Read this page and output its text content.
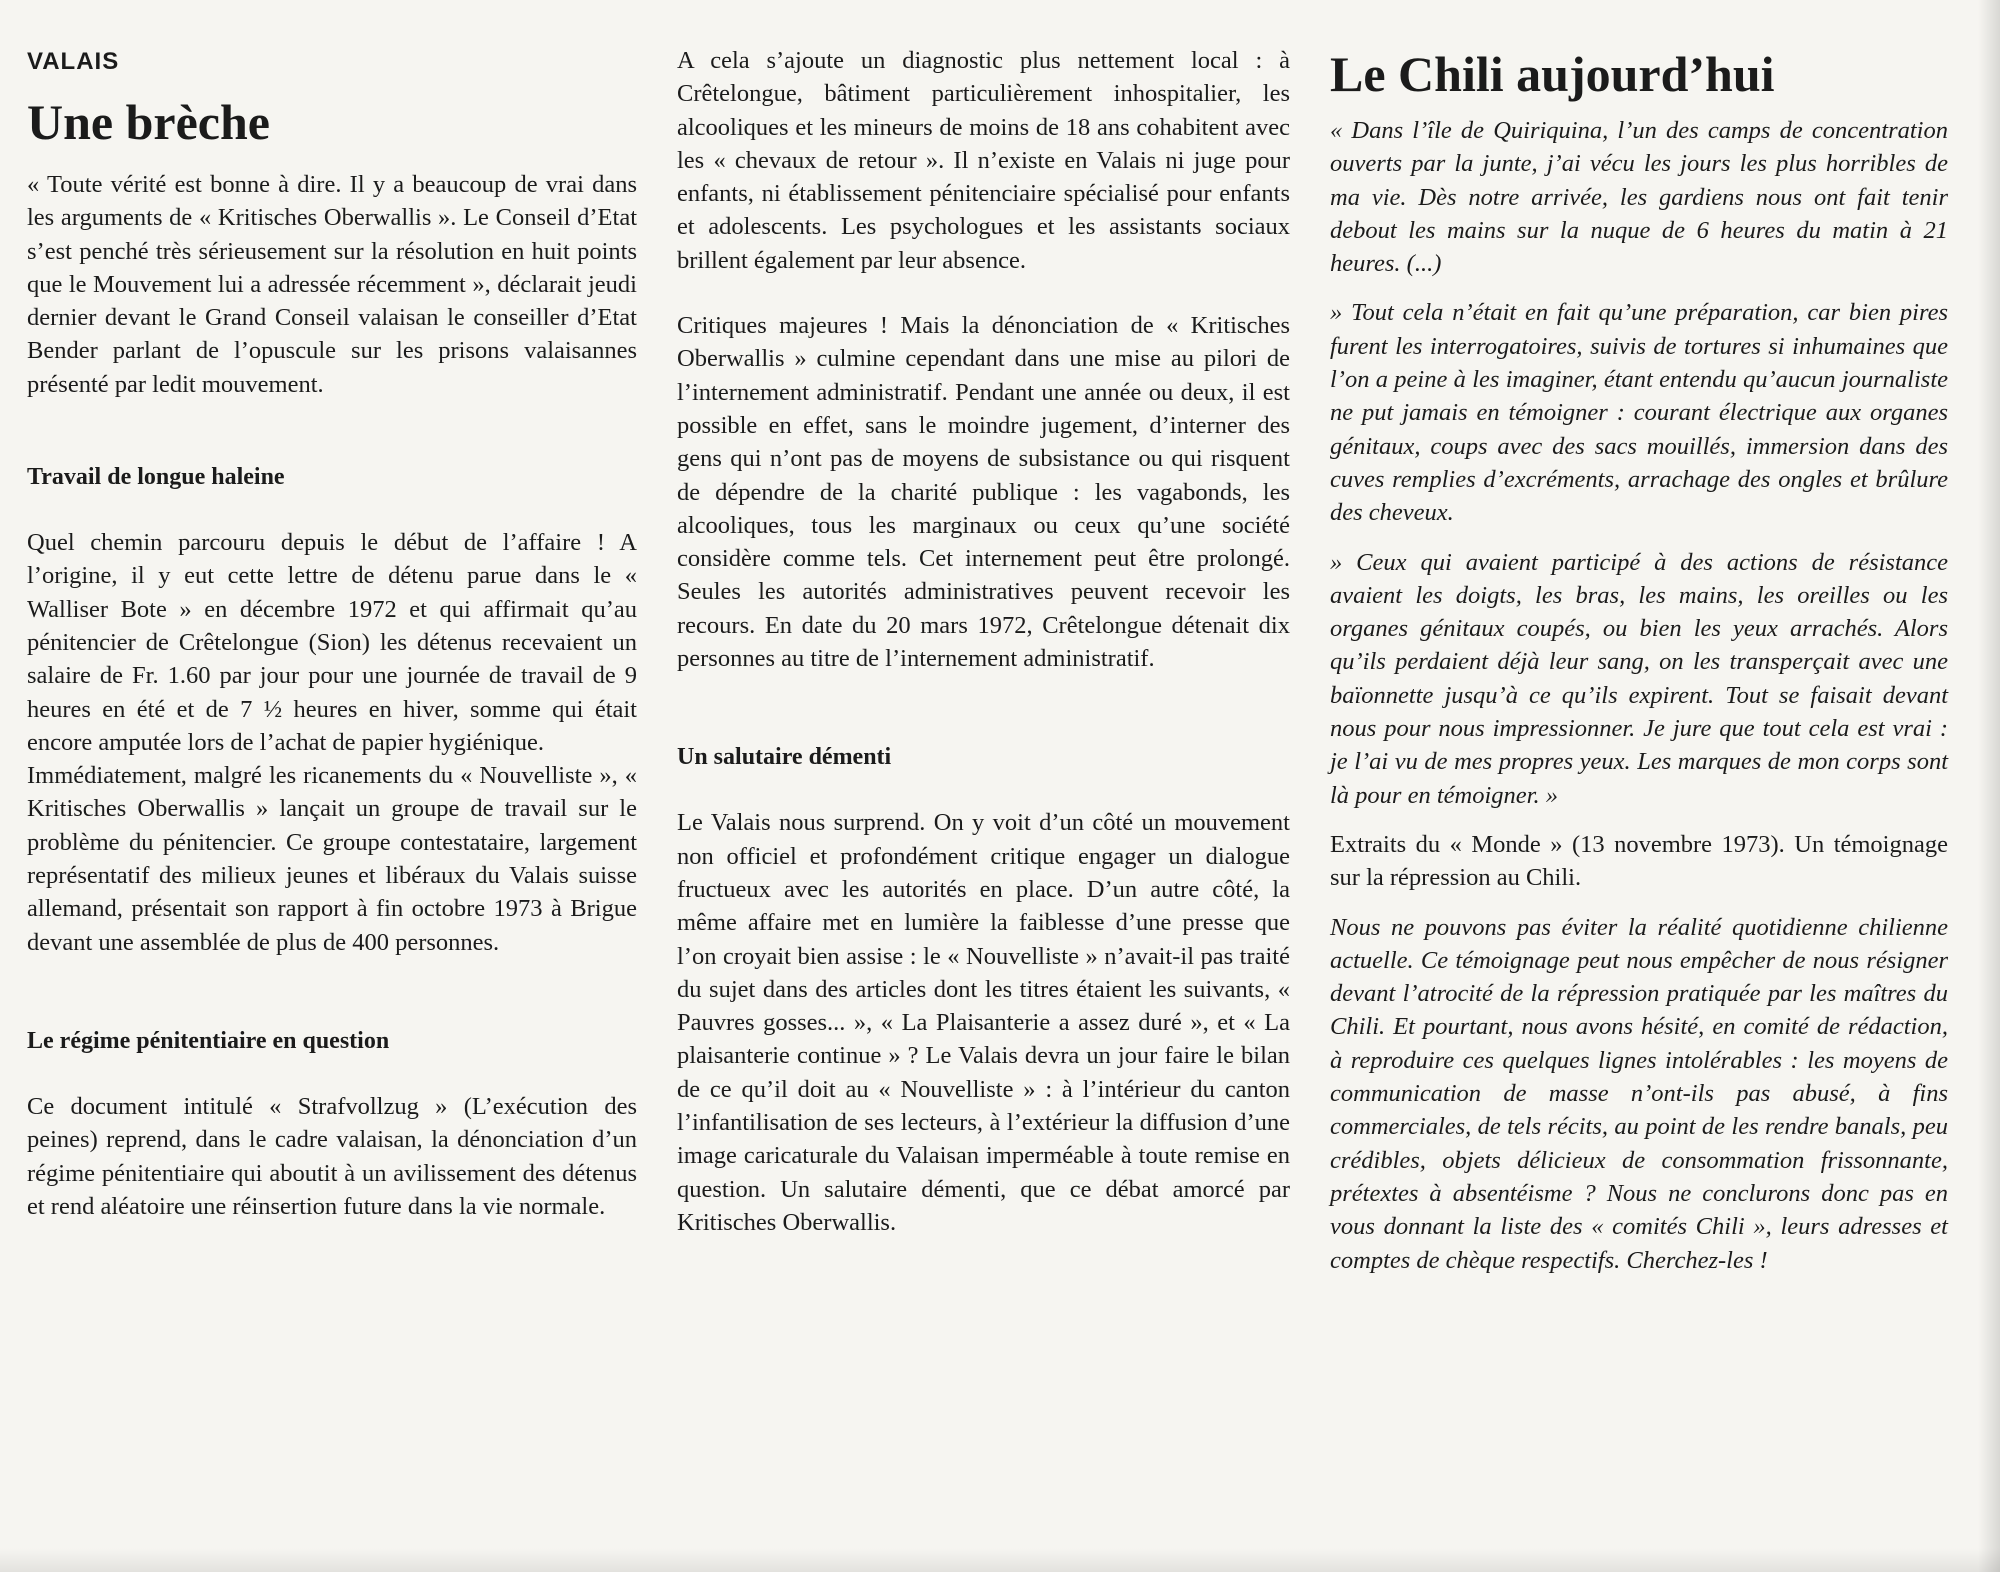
VALAIS
Une brèche

« Toute vérité est bonne à dire. Il y a beaucoup de vrai dans les arguments de « Kritisches Oberwallis ». Le Conseil d’Etat s’est penché très sérieusement sur la résolution en huit points que le Mouvement lui a adressée récemment », déclarait jeudi dernier devant le Grand Conseil valaisan le conseiller d’Etat Bender parlant de l’opuscule sur les prisons valaisannes présenté par ledit mouvement.

Travail de longue haleine

Quel chemin parcouru depuis le début de l’affaire ! A l’origine, il y eut cette lettre de détenu parue dans le « Walliser Bote » en décembre 1972 et qui affirmait qu’au pénitencier de Crêtelongue (Sion) les détenus recevaient un salaire de Fr. 1.60 par jour pour une journée de travail de 9 heures en été et de 7 ½ heures en hiver, somme qui était encore amputée lors de l’achat de papier hygiénique.

Immédiatement, malgré les ricanements du « Nouvelliste », « Kritisches Oberwallis » lançait un groupe de travail sur le problème du pénitencier. Ce groupe contestataire, largement représentatif des milieux jeunes et libéraux du Valais suisse allemand, présentait son rapport à fin octobre 1973 à Brigue devant une assemblée de plus de 400 personnes.

Le régime pénitentiaire en question

Ce document intitulé « Strafvollzug » (L’exécution des peines) reprend, dans le cadre valaisan, la dénonciation d’un régime pénitentiaire qui aboutit à un avilissement des détenus et rend aléatoire une réinsertion future dans la vie normale.

A cela s’ajoute un diagnostic plus nettement local : à Crêtelongue, bâtiment particulièrement inhospitalier, les alcooliques et les mineurs de moins de 18 ans cohabitent avec les « chevaux de retour ». Il n’existe en Valais ni juge pour enfants, ni établissement pénitenciaire spécialisé pour enfants et adolescents. Les psychologues et les assistants sociaux brillent également par leur absence.

Critiques majeures ! Mais la dénonciation de « Kritisches Oberwallis » culmine cependant dans une mise au pilori de l’internement administratif. Pendant une année ou deux, il est possible en effet, sans le moindre jugement, d’interner des gens qui n’ont pas de moyens de subsistance ou qui risquent de dépendre de la charité publique : les vagabonds, les alcooliques, tous les marginaux ou ceux qu’une société considère comme tels. Cet internement peut être prolongé. Seules les autorités administratives peuvent recevoir les recours. En date du 20 mars 1972, Crêtelongue détenait dix personnes au titre de l’internement administratif.

Un salutaire démenti

Le Valais nous surprend. On y voit d’un côté un mouvement non officiel et profondément critique engager un dialogue fructueux avec les autorités en place. D’un autre côté, la même affaire met en lumière la faiblesse d’une presse que l’on croyait bien assise : le « Nouvelliste » n’avait-il pas traité du sujet dans des articles dont les titres étaient les suivants, « Pauvres gosses... », « La Plaisanterie a assez duré », et « La plaisanterie continue » ? Le Valais devra un jour faire le bilan de ce qu’il doit au « Nouvelliste » : à l’intérieur du canton l’infantilisation de ses lecteurs, à l’extérieur la diffusion d’une image caricaturale du Valaisan imperméable à toute remise en question. Un salutaire démenti, que ce débat amorcé par Kritisches Oberwallis.

Le Chili aujourd’hui

« Dans l’île de Quiriquina, l’un des camps de concentration ouverts par la junte, j’ai vécu les jours les plus horribles de ma vie. Dès notre arrivée, les gardiens nous ont fait tenir debout les mains sur la nuque de 6 heures du matin à 21 heures. (...)

» Tout cela n’était en fait qu’une préparation, car bien pires furent les interrogatoires, suivis de tortures si inhumaines que l’on a peine à les imaginer, étant entendu qu’aucun journaliste ne put jamais en témoigner : courant électrique aux organes génitaux, coups avec des sacs mouillés, immersion dans des cuves remplies d’excréments, arrachage des ongles et brûlure des cheveux.

» Ceux qui avaient participé à des actions de résistance avaient les doigts, les bras, les mains, les oreilles ou les organes génitaux coupés, ou bien les yeux arrachés. Alors qu’ils perdaient déjà leur sang, on les transperçait avec une baïonnette jusqu’à ce qu’ils expirent. Tout se faisait devant nous pour nous impressionner. Je jure que tout cela est vrai : je l’ai vu de mes propres yeux. Les marques de mon corps sont là pour en témoigner. »

Extraits du « Monde » (13 novembre 1973). Un témoignage sur la répression au Chili.

Nous ne pouvons pas éviter la réalité quotidienne chilienne actuelle. Ce témoignage peut nous empêcher de nous résigner devant l’atrocité de la répression pratiquée par les maîtres du Chili. Et pourtant, nous avons hésité, en comité de rédaction, à reproduire ces quelques lignes intolérables : les moyens de communication de masse n’ont-ils pas abusé, à fins commerciales, de tels récits, au point de les rendre banals, peu crédibles, objets délicieux de consommation frissonnante, prétextes à absentéisme ? Nous ne conclurons donc pas en vous donnant la liste des « comités Chili », leurs adresses et comptes de chèque respectifs. Cherchez-les !
